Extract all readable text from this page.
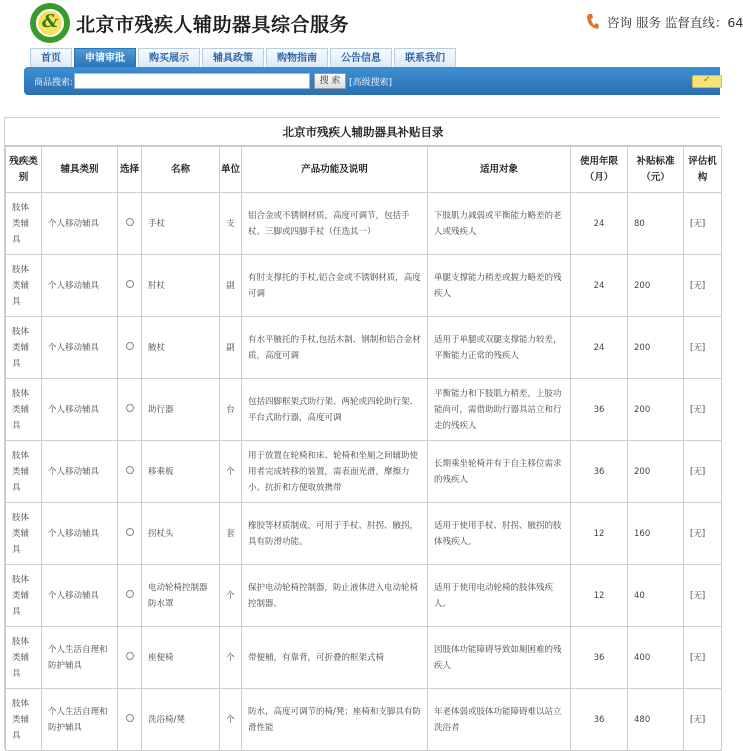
& 北京市残疾人辅助器具综合服务	咨询 服务 监督直线：64
首页	申请审批	购买展示	辅具政策	购物指南	公告信息	联系我们
商品搜索:	搜 索 [高级搜索]	✓
北京市残疾人辅助器具补贴目录
残疾类别	辅具类别	选择	名称	单位	产品功能及说明	适用对象	使用年限（月）	补贴标准（元）	评估机构
肢体类辅具	个人移动辅具		手杖	支	铝合金或不锈钢材质，高度可调节，包括手杖、三脚或四脚手杖（任选其一）	下肢肌力减弱或平衡能力略差的老人或残疾人	24	80	[无]
肢体类辅具	个人移动辅具		肘杖	副	有肘支撑托的手杖,铝合金或不锈钢材质，高度可调	单腿支撑能力稍差或握力略差的残疾人	24	200	[无]
肢体类辅具	个人移动辅具		腋杖	副	有水平腋托的手杖,包括木制、钢制和铝合金材质，高度可调	适用于单腿或双腿支撑能力较差，平衡能力正常的残疾人	24	200	[无]
肢体类辅具	个人移动辅具		助行器	台	包括四脚框架式助行架、两轮或四轮助行架、平台式助行器，高度可调	平衡能力和下肢肌力稍差，上肢功能尚可，需借助助行器具站立和行走的残疾人	36	200	[无]
肢体类辅具	个人移动辅具		移乘板	个	用于放置在轮椅和床、轮椅和坐厕之间辅助使用者完成转移的装置，需表面光滑，摩擦力小、抗折和方便取放携带	长期乘坐轮椅并有于自主移位需求的残疾人	36	200	[无]
肢体类辅具	个人移动辅具		拐杖头	套	橡胶等材质制成，可用于手杖、肘拐、腋拐，具有防滑功能。	适用于使用手杖、肘拐、腋拐的肢体残疾人。	12	160	[无]
肢体类辅具	个人移动辅具		电动轮椅控制器防水罩	个	保护电动轮椅控制器，防止液体进入电动轮椅控制器。	适用于使用电动轮椅的肢体残疾人。	12	40	[无]
肢体类辅具	个人生活自理和防护辅具		座便椅	个	带便桶，有靠背，可折叠的框架式椅	因肢体功能障碍导致如厕困难的残疾人	36	400	[无]
肢体类辅具	个人生活自理和防护辅具		洗浴椅/凳	个	防水，高度可调节的椅/凳；座椅和支脚具有防滑性能	年老体弱或肢体功能障碍难以站立洗浴者	36	480	[无]
